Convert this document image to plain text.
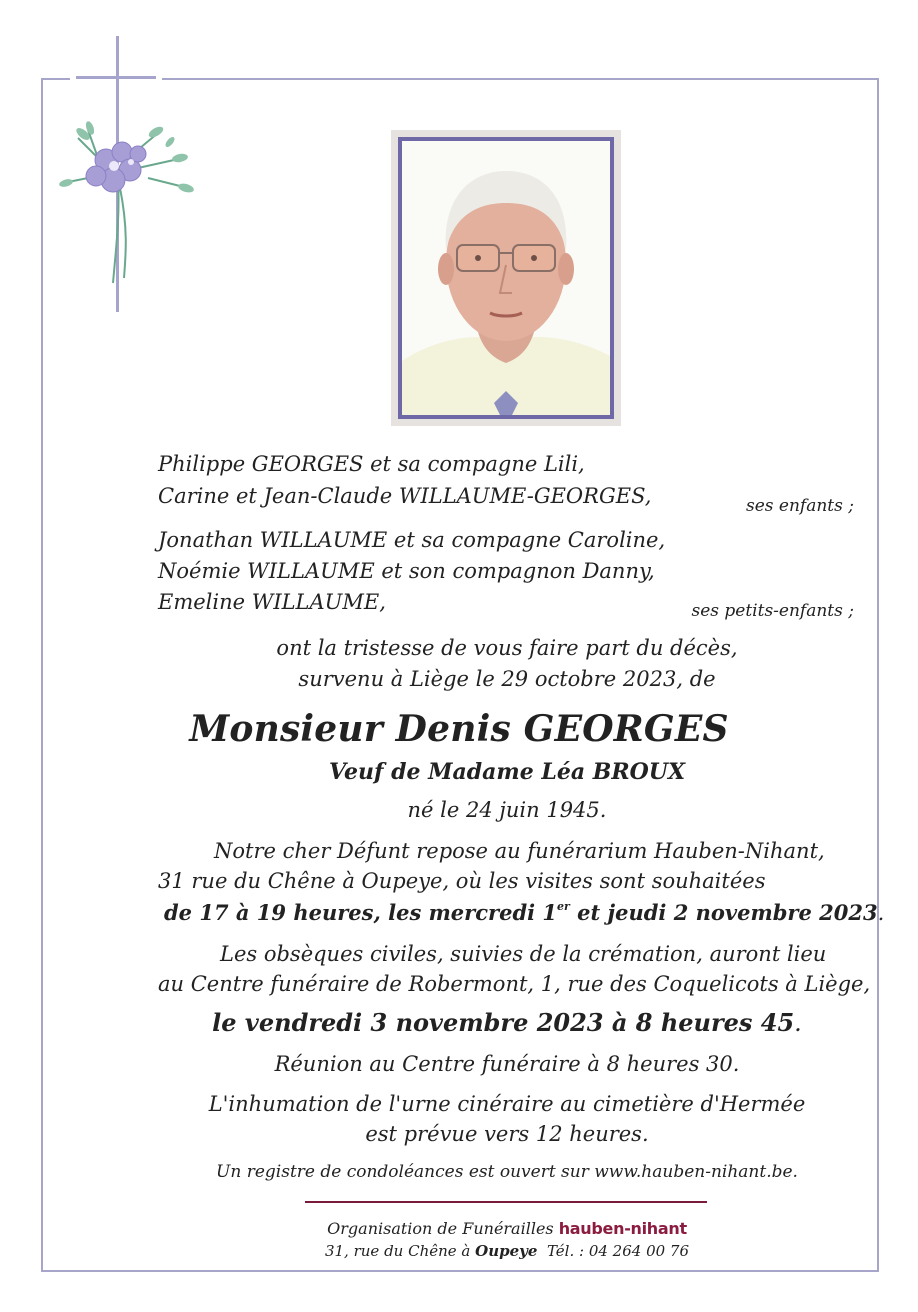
Philippe GEORGES et sa compagne Lili,
Carine et Jean-Claude WILLAUME-GEORGES,	ses enfants ;
Jonathan WILLAUME et sa compagne Caroline,
Noémie WILLAUME et son compagnon Danny,
Emeline WILLAUME,	ses petits-enfants ;
ont la tristesse de vous faire part du décès,
survenu à Liège le 29 octobre 2023, de
Monsieur Denis GEORGES
Veuf de Madame Léa BROUX
né le 24 juin 1945.
Notre cher Défunt repose au funérarium Hauben-Nihant,
31 rue du Chêne à Oupeye, où les visites sont souhaitées
de 17 à 19 heures, les mercredi 1er et jeudi 2 novembre 2023.
Les obsèques civiles, suivies de la crémation, auront lieu
au Centre funéraire de Robermont, 1, rue des Coquelicots à Liège,
le vendredi 3 novembre 2023 à 8 heures 45.
Réunion au Centre funéraire à 8 heures 30.
L'inhumation de l'urne cinéraire au cimetière d'Hermée
est prévue vers 12 heures.
Un registre de condoléances est ouvert sur www.hauben-nihant.be.
Organisation de Funérailles hauben-nihant
31, rue du Chêne à Oupeye  Tél. : 04 264 00 76
